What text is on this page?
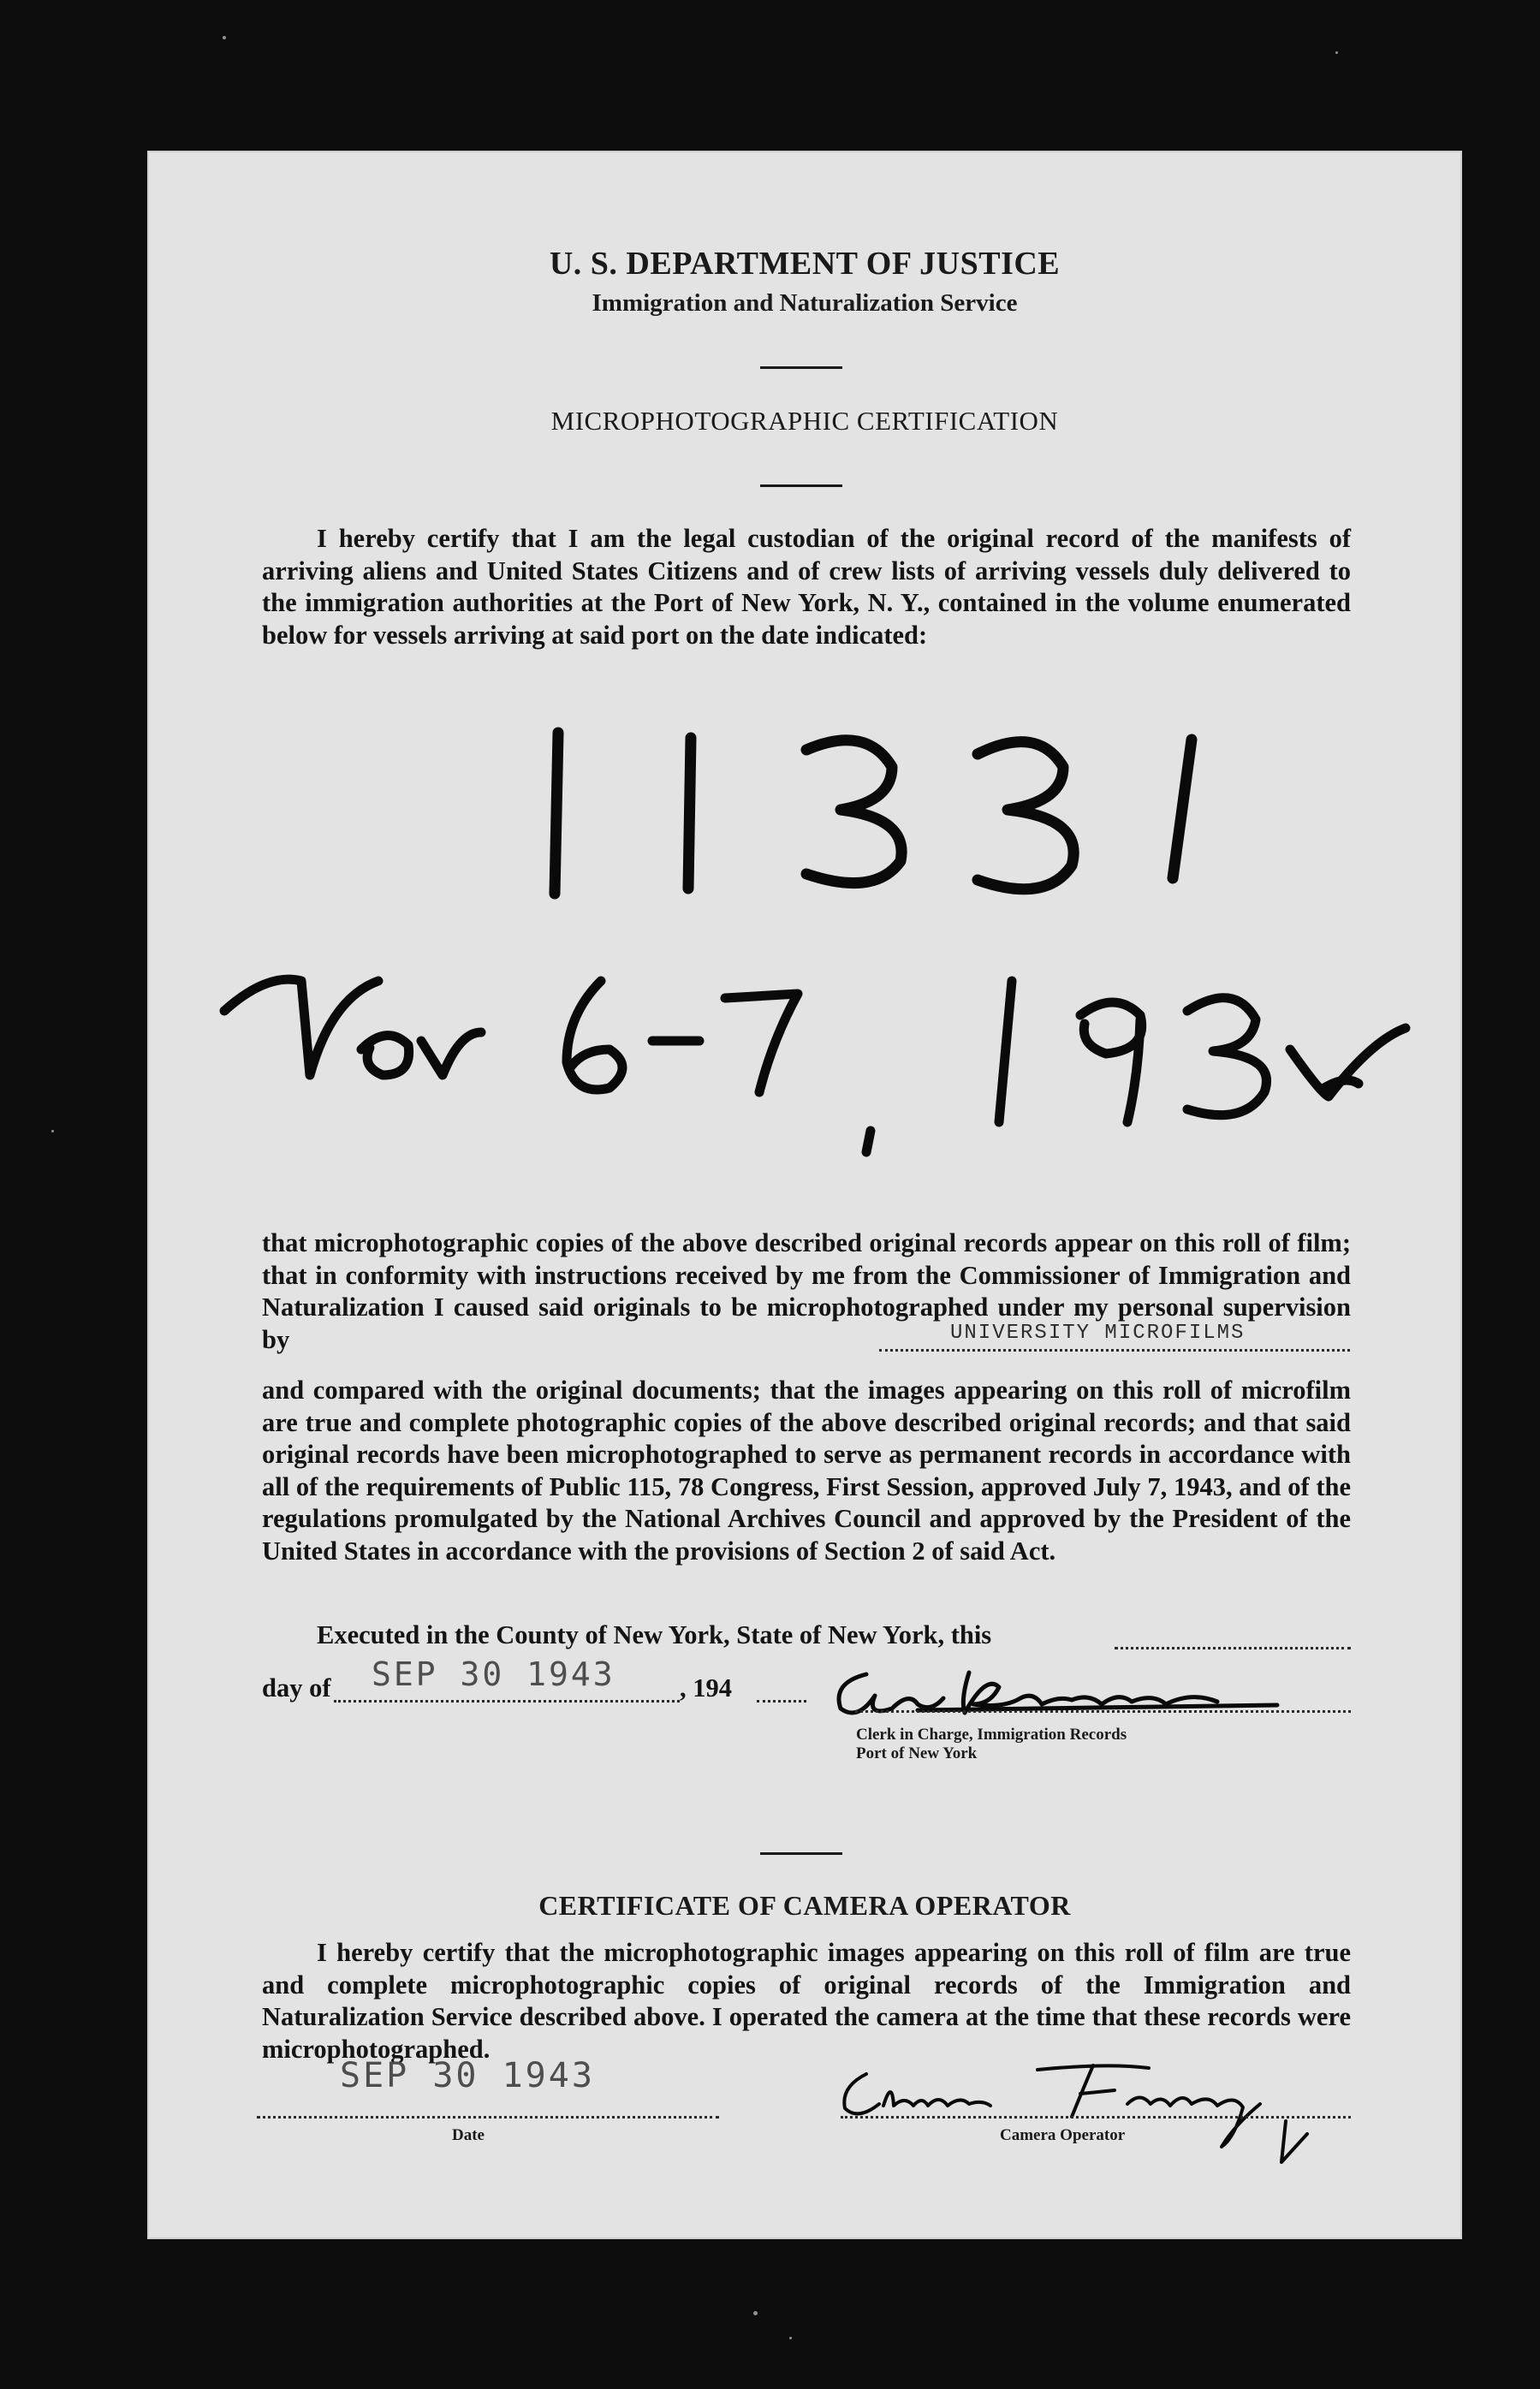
U. S. DEPARTMENT OF JUSTICE
Immigration and Naturalization Service
MICROPHOTOGRAPHIC CERTIFICATION
I hereby certify that I am the legal custodian of the original record of the manifests of arriving aliens and United States Citizens and of crew lists of arriving vessels duly delivered to the immigration authorities at the Port of New York, N. Y., contained in the volume enumerated below for vessels arriving at said port on the date indicated:
that microphotographic copies of the above described original records appear on this roll of film; that in conformity with instructions received by me from the Commissioner of Immigration and Naturalization I caused said originals to be microphotographed under my personal supervision by	UNIVERSITY MICROFILMS
and compared with the original documents; that the images appearing on this roll of microfilm are true and complete photographic copies of the above described original records; and that said original records have been microphotographed to serve as permanent records in accordance with all of the requirements of Public 115, 78 Congress, First Session, approved July 7, 1943, and of the regulations promulgated by the National Archives Council and approved by the President of the United States in accordance with the provisions of Section 2 of said Act.
Executed in the County of New York, State of New York, this
day of SEP 30 1943 , 194
Clerk in Charge, Immigration Records
Port of New York
CERTIFICATE OF CAMERA OPERATOR
I hereby certify that the microphotographic images appearing on this roll of film are true and complete microphotographic copies of original records of the Immigration and Naturalization Service described above. I operated the camera at the time that these records were microphotographed.
SEP 30 1943
Date	Camera Operator
